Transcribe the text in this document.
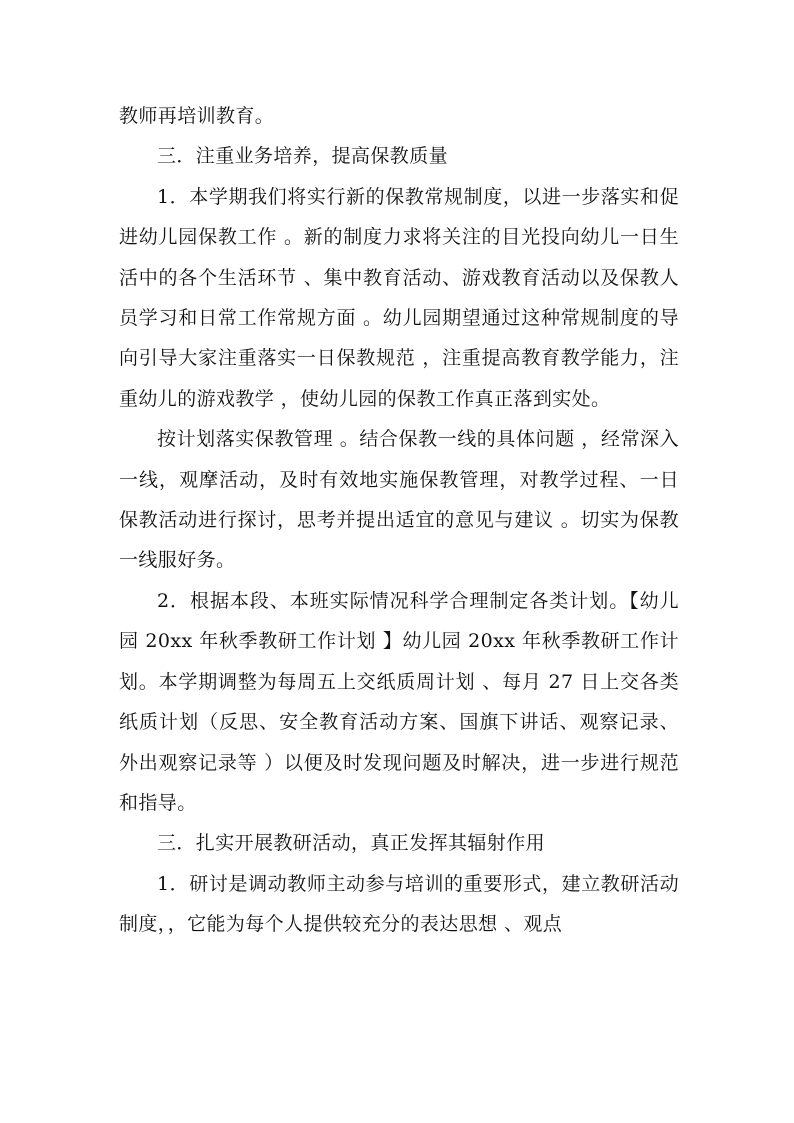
教师再培训教育。

三．注重业务培养，提高保教质量

1．本学期我们将实行新的保教常规制度，以进一步落实和促进幼儿园保教工作 。新的制度力求将关注的目光投向幼儿一日生活中的各个生活环节 、集中教育活动、游戏教育活动以及保教人员学习和日常工作常规方面 。幼儿园期望通过这种常规制度的导向引导大家注重落实一日保教规范 ，注重提高教育教学能力，注重幼儿的游戏教学 ，使幼儿园的保教工作真正落到实处。

按计划落实保教管理 。结合保教一线的具体问题 ，经常深入一线，观摩活动，及时有效地实施保教管理，对教学过程、一日保教活动进行探讨，思考并提出适宜的意见与建议 。切实为保教一线服好务。

2．根据本段、本班实际情况科学合理制定各类计划。【幼儿园 20xx 年秋季教研工作计划 】幼儿园 20xx 年秋季教研工作计划。本学期调整为每周五上交纸质周计划 、每月 27 日上交各类纸质计划（反思、安全教育活动方案、国旗下讲话、观察记录、外出观察记录等 ）以便及时发现问题及时解决，进一步进行规范和指导。

三．扎实开展教研活动，真正发挥其辐射作用

1．研讨是调动教师主动参与培训的重要形式，建立教研活动制度，，它能为每个人提供较充分的表达思想 、观点
